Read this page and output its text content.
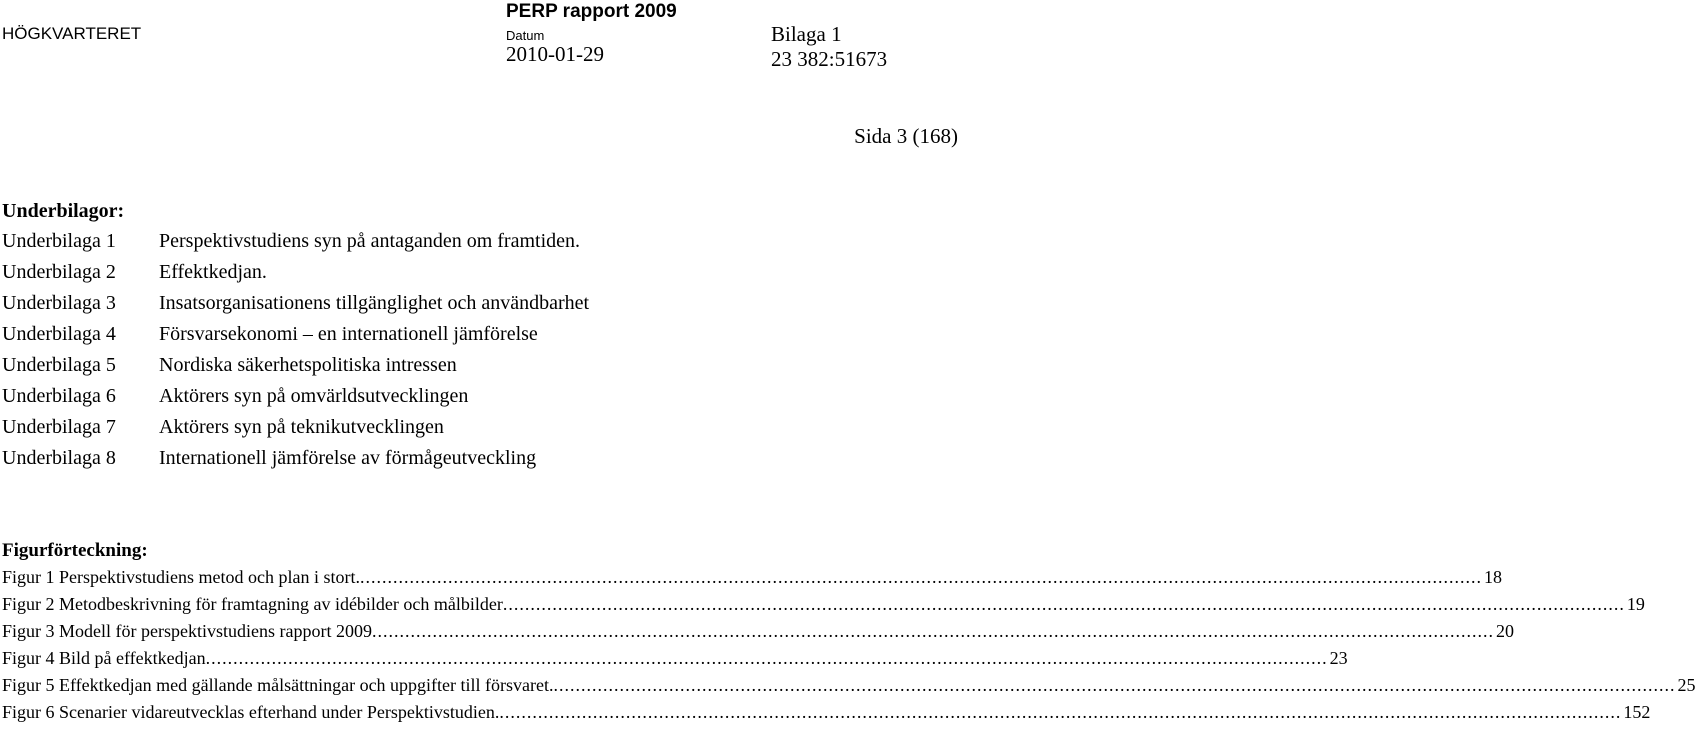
HÖGKVARTERET
PERP rapport 2009
Datum
2010-01-29
Bilaga 1
23 382:51673
Sida 3 (168)
Underbilagor:
Underbilaga 1 Perspektivstudiens syn på antaganden om framtiden.
Underbilaga 2 Effektkedjan.
Underbilaga 3 Insatsorganisationens tillgänglighet och användbarhet
Underbilaga 4 Försvarsekonomi – en internationell jämförelse
Underbilaga 5 Nordiska säkerhetspolitiska intressen
Underbilaga 6 Aktörers syn på omvärldsutvecklingen
Underbilaga 7 Aktörers syn på teknikutvecklingen
Underbilaga 8 Internationell jämförelse av förmågeutveckling
Figurförteckning:
Figur 1 Perspektivstudiens metod och plan i stort. ............................................................................................................................................................................................................ 18
Figur 2 Metodbeskrivning för framtagning av idébilder och målbilder ............................................................................................................................................................................................................ 19
Figur 3 Modell för perspektivstudiens rapport 2009 ............................................................................................................................................................................................................ 20
Figur 4 Bild på effektkedjan ............................................................................................................................................................................................................ 23
Figur 5 Effektkedjan med gällande målsättningar och uppgifter till försvaret. ............................................................................................................................................................................................................ 25
Figur 6 Scenarier vidareutvecklas efterhand under Perspektivstudien. ............................................................................................................................................................................................................ 152
